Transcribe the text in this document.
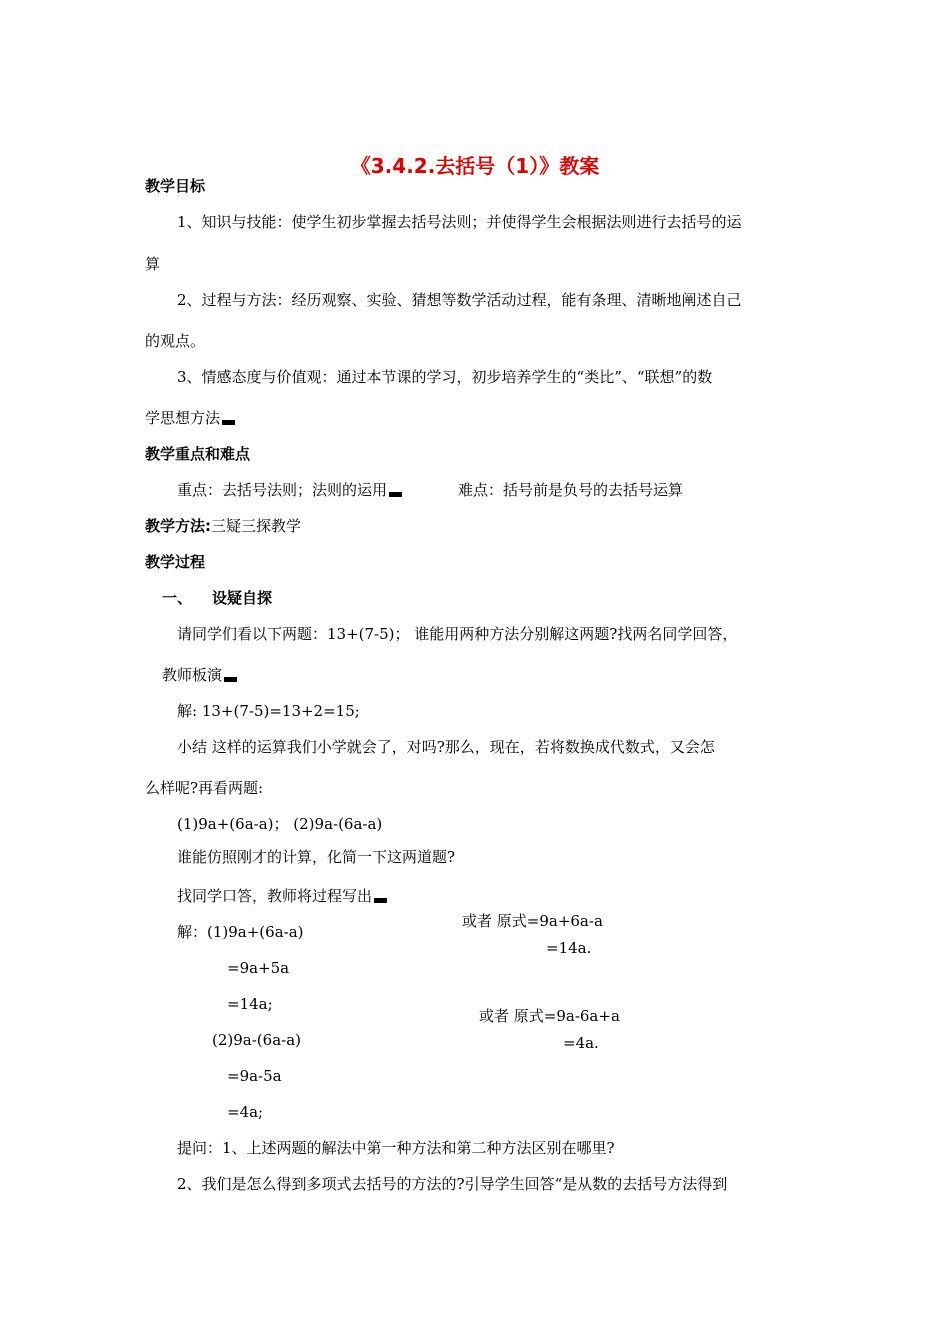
《3.4.2.去括号（1）》教案
教学目标
1、知识与技能：使学生初步掌握去括号法则；并使得学生会根据法则进行去括号的运
算
2、过程与方法：经历观察、实验、猜想等数学活动过程，能有条理、清晰地阐述自己
的观点。
3、情感态度与价值观：通过本节课的学习，初步培养学生的“类比”、“联想”的数
学思想方法
教学重点和难点
重点：去括号法则；法则的运用	难点：括号前是负号的去括号运算
教学方法:三疑三探教学
教学过程
一、 设疑自探
请同学们看以下两题：13+(7-5)； 谁能用两种方法分别解这两题?找两名同学回答，
教师板演
解: 13+(7-5)=13+2=15;
小结 这样的运算我们小学就会了，对吗?那么，现在，若将数换成代数式，又会怎
么样呢?再看两题:
(1)9a+(6a-a)； (2)9a-(6a-a)
谁能仿照刚才的计算，化简一下这两道题?
找同学口答，教师将过程写出
解：(1)9a+(6a-a)
=9a+5a
=14a;
(2)9a-(6a-a)
=9a-5a
=4a;
或者 原式=9a+6a-a
=14a.
或者 原式=9a-6a+a
=4a.
提问：1、上述两题的解法中第一种方法和第二种方法区别在哪里?
2、我们是怎么得到多项式去括号的方法的?引导学生回答“是从数的去括号方法得到
